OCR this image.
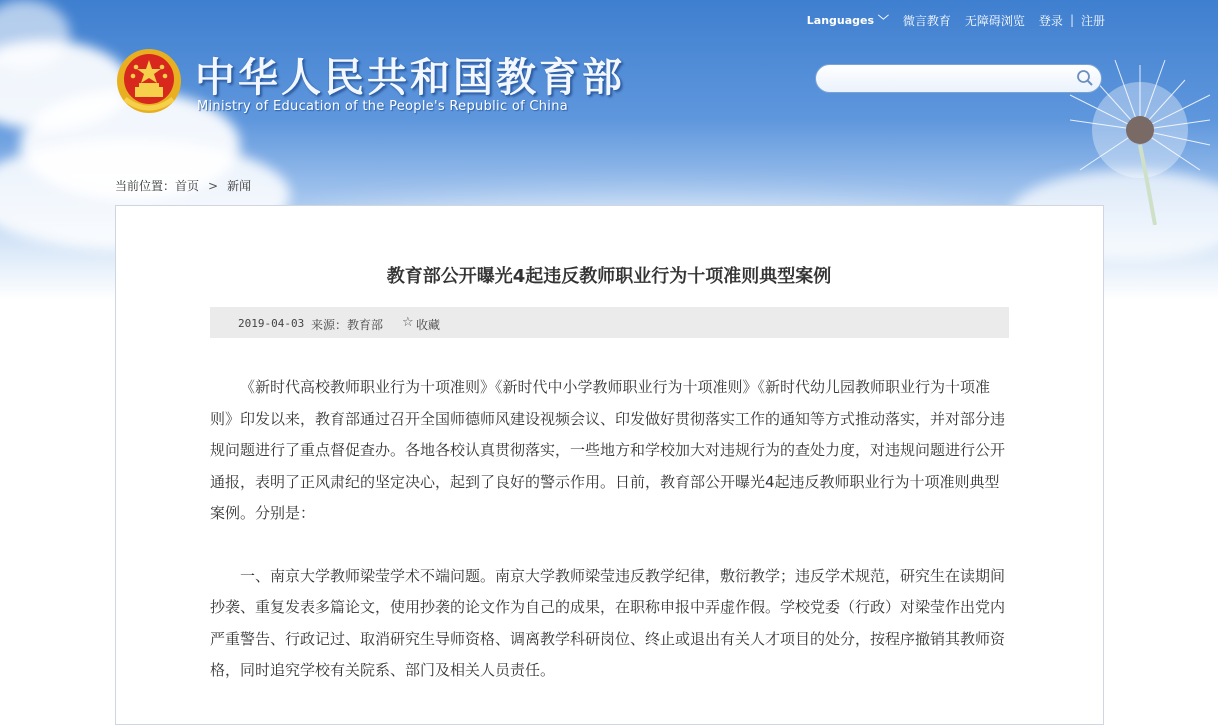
Languages ﹀ 微言教育 无障碍浏览 登录 | 注册
中华人民共和国教育部
Ministry of Education of the People's Republic of China
当前位置：首页 > 新闻
教育部公开曝光4起违反教师职业行为十项准则典型案例
2019-04-03 来源：教育部 ☆ 收藏

《新时代高校教师职业行为十项准则》《新时代中小学教师职业行为十项准则》《新时代幼儿园教师职业行为十项准则》印发以来，教育部通过召开全国师德师风建设视频会议、印发做好贯彻落实工作的通知等方式推动落实，并对部分违规问题进行了重点督促查办。各地各校认真贯彻落实，一些地方和学校加大对违规行为的查处力度，对违规问题进行公开通报，表明了正风肃纪的坚定决心，起到了良好的警示作用。日前，教育部公开曝光4起违反教师职业行为十项准则典型案例。分别是：

一、南京大学教师梁莹学术不端问题。南京大学教师梁莹违反教学纪律，敷衍教学；违反学术规范，研究生在读期间抄袭、重复发表多篇论文，使用抄袭的论文作为自己的成果，在职称申报中弄虚作假。学校党委（行政）对梁莹作出党内严重警告、行政记过、取消研究生导师资格、调离教学科研岗位、终止或退出有关人才项目的处分，按程序撤销其教师资格，同时追究学校有关院系、部门及相关人员责任。
